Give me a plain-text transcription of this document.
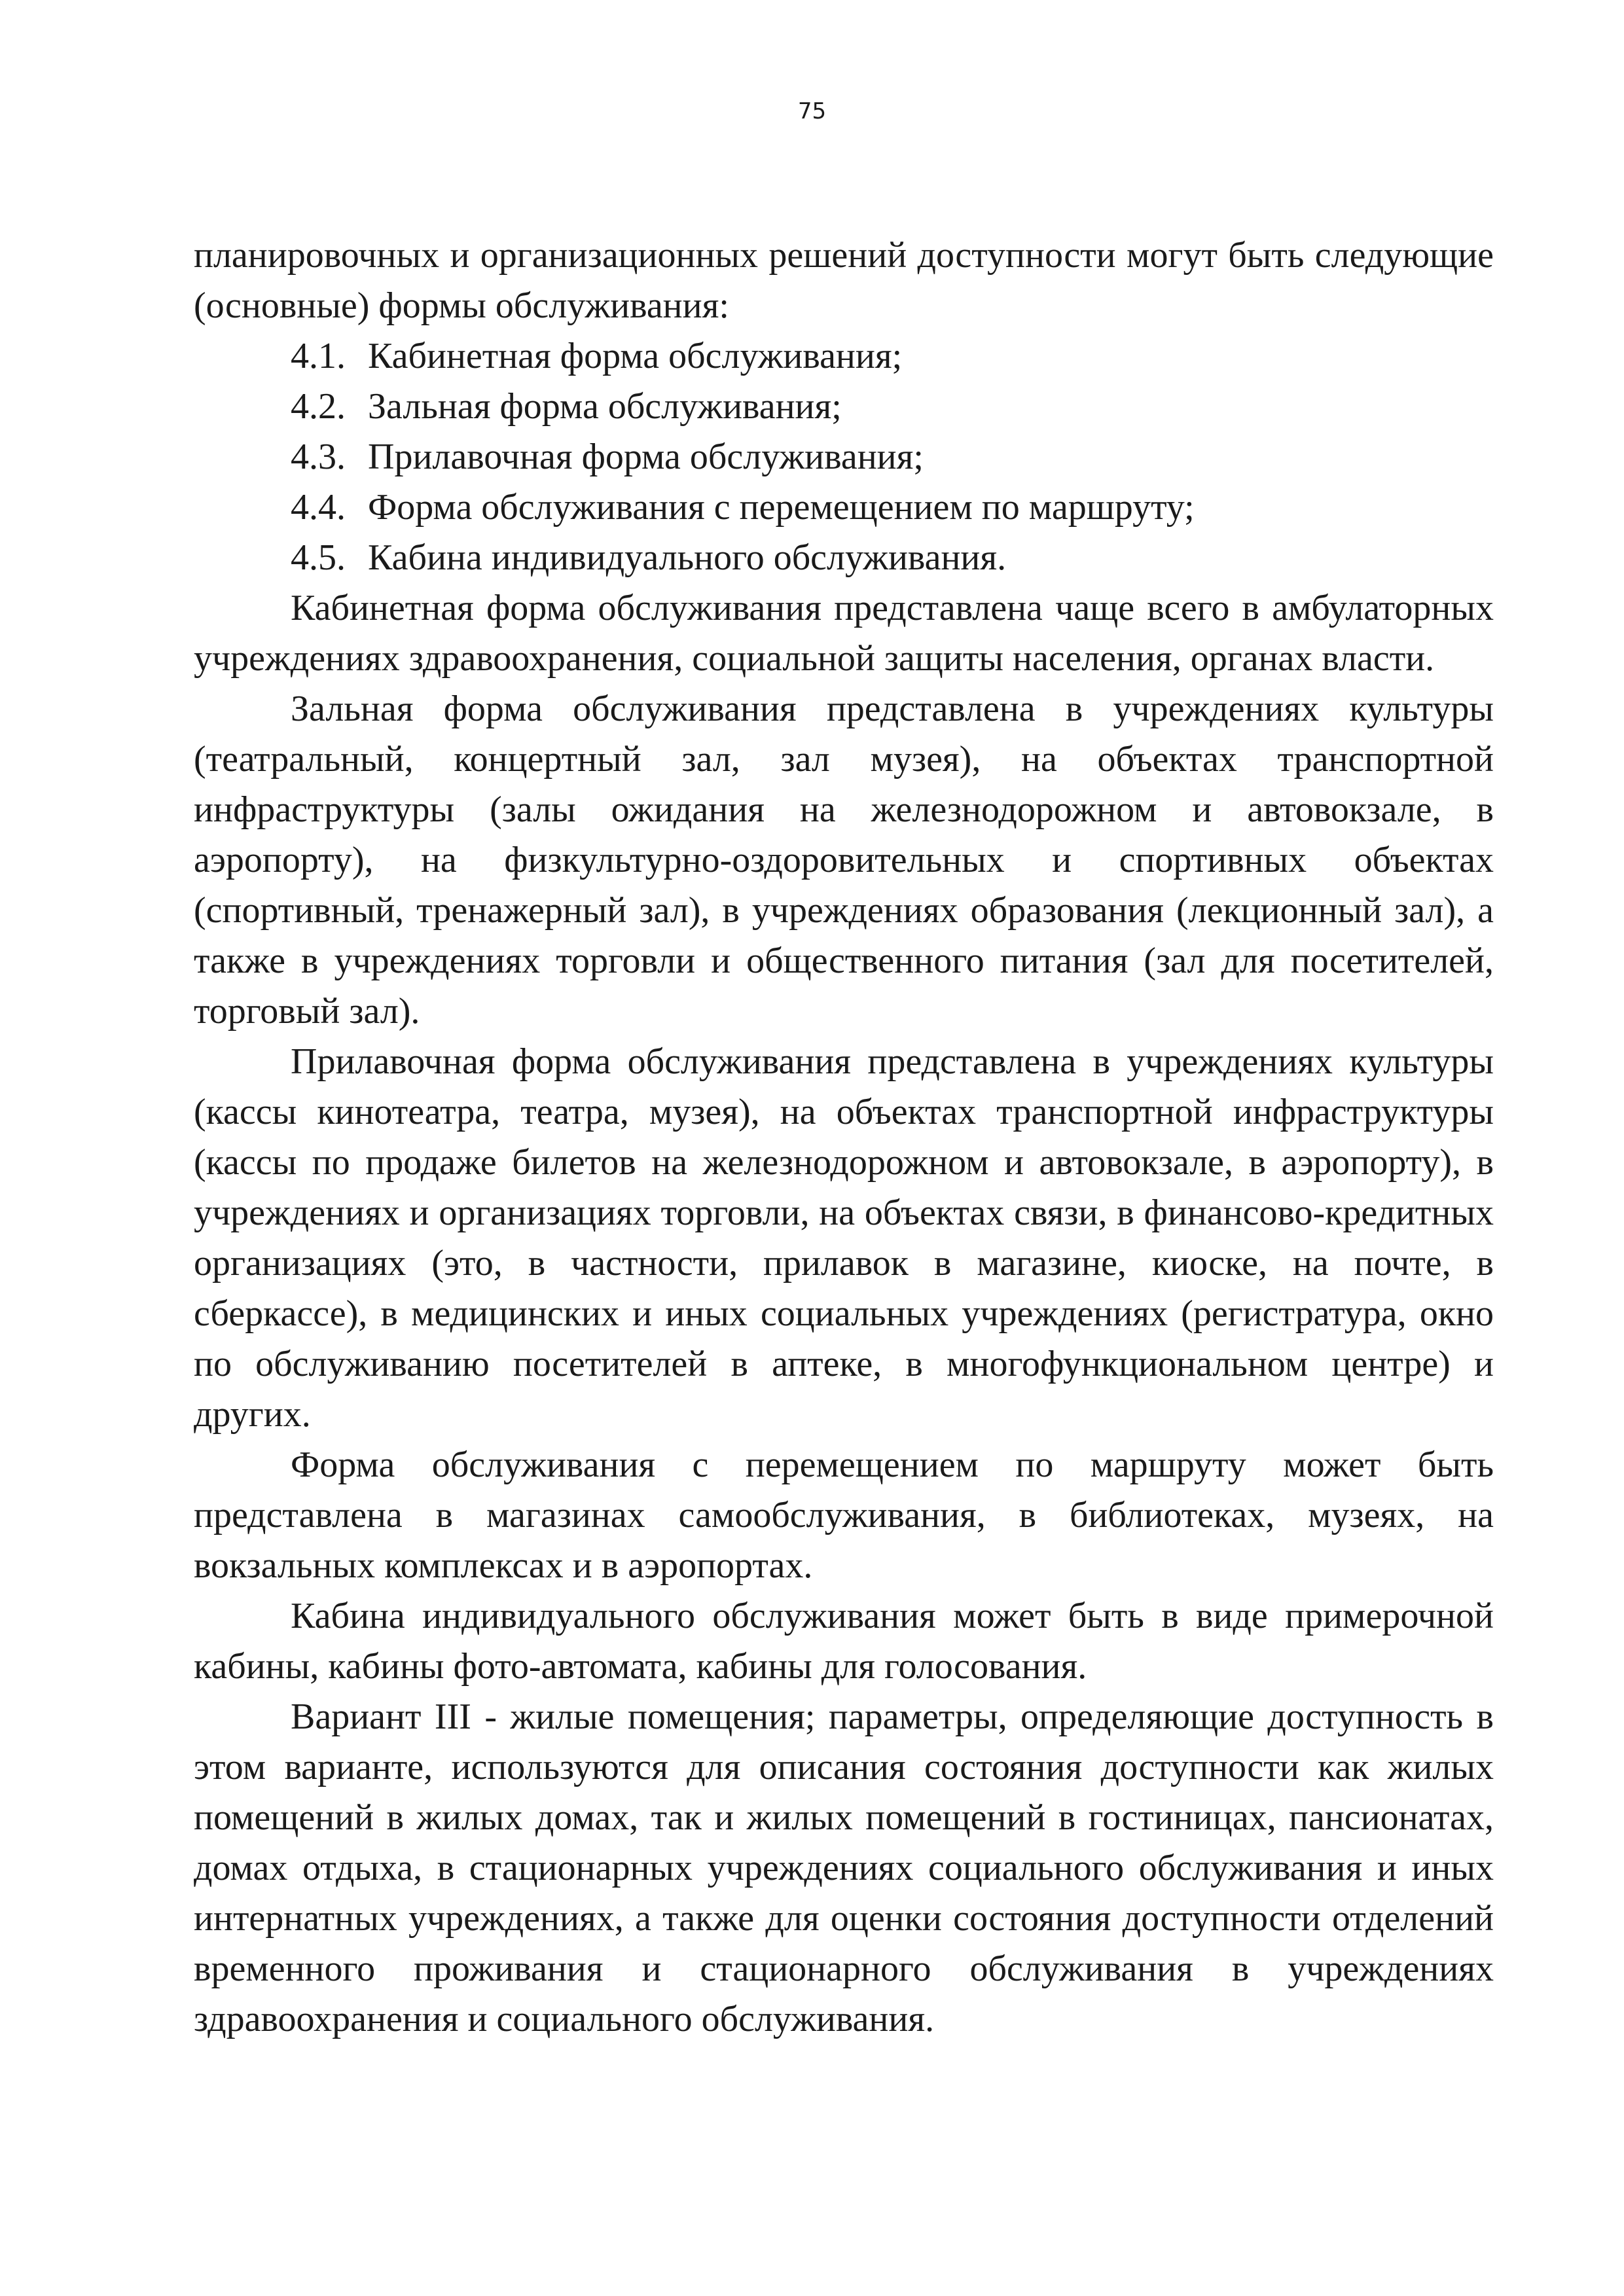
75

планировочных и организационных решений доступности могут быть следующие (основные) формы обслуживания:

4.1. Кабинетная форма обслуживания;
4.2. Зальная форма обслуживания;
4.3. Прилавочная форма обслуживания;
4.4. Форма обслуживания с перемещением по маршруту;
4.5. Кабина индивидуального обслуживания.

Кабинетная форма обслуживания представлена чаще всего в амбулаторных учреждениях здравоохранения, социальной защиты населения, органах власти.

Зальная форма обслуживания представлена в учреждениях культуры (театральный, концертный зал, зал музея), на объектах транспортной инфраструктуры (залы ожидания на железнодорожном и автовокзале, в аэропорту), на физкультурно-оздоровительных и спортивных объектах (спортивный, тренажерный зал), в учреждениях образования (лекционный зал), а также в учреждениях торговли и общественного питания (зал для посетителей, торговый зал).

Прилавочная форма обслуживания представлена в учреждениях культуры (кассы кинотеатра, театра, музея), на объектах транспортной инфраструктуры (кассы по продаже билетов на железнодорожном и автовокзале, в аэропорту), в учреждениях и организациях торговли, на объектах связи, в финансово-кредитных организациях (это, в частности, прилавок в магазине, киоске, на почте, в сберкассе), в медицинских и иных социальных учреждениях (регистратура, окно по обслуживанию посетителей в аптеке, в многофункциональном центре) и других.

Форма обслуживания с перемещением по маршруту может быть представлена в магазинах самообслуживания, в библиотеках, музеях, на вокзальных комплексах и в аэропортах.

Кабина индивидуального обслуживания может быть в виде примерочной кабины, кабины фото-автомата, кабины для голосования.

Вариант III - жилые помещения; параметры, определяющие доступность в этом варианте, используются для описания состояния доступности как жилых помещений в жилых домах, так и жилых помещений в гостиницах, пансионатах, домах отдыха, в стационарных учреждениях социального обслуживания и иных интернатных учреждениях, а также для оценки состояния доступности отделений временного проживания и стационарного обслуживания в учреждениях здравоохранения и социального обслуживания.
